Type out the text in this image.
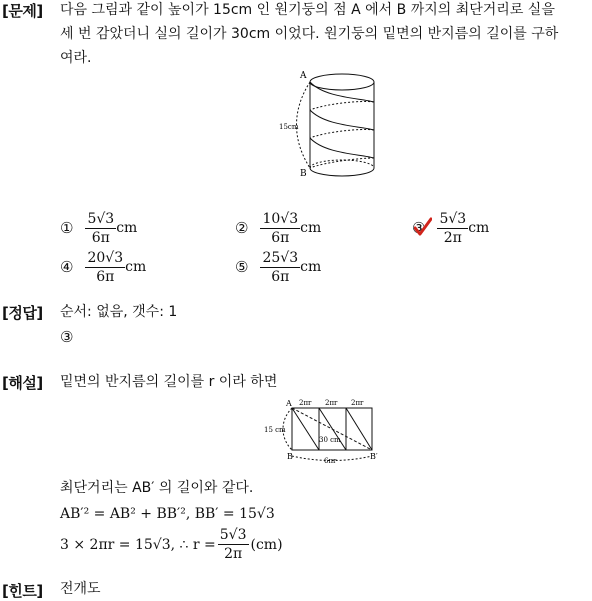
[문제] 다음 그림과 같이 높이가 15cm 인 원기둥의 점 A 에서 B 까지의 최단거리로 실을
세 번 감았더니 실의 길이가 30cm 이었다. 원기둥의 밑면의 반지름의 길이를 구하
여라.
A
B
15cm
① $\frac{5√3}{6\pi}$ cm	② $\frac{10√3}{6\pi}$ cm	③ $\frac{5√3}{2\pi}$ cm
④ $\frac{20√3}{6\pi}$ cm	⑤ $\frac{25√3}{6\pi}$ cm
[정답] 순서: 없음, 갯수: 1
③
[해설] 밑면의 반지름의 길이를 r 이라 하면
A
B	B′
15 cm
30 cm
2πr 2πr 2πr
6πr
최단거리는 AB′ 의 길이와 같다.
AB′² = AB² + BB′², BB′ = 15√3
3 × 2πr = 15√3, ∴ $r = \frac{5√3}{2\pi} (cm)$
[힌트] 전개도
